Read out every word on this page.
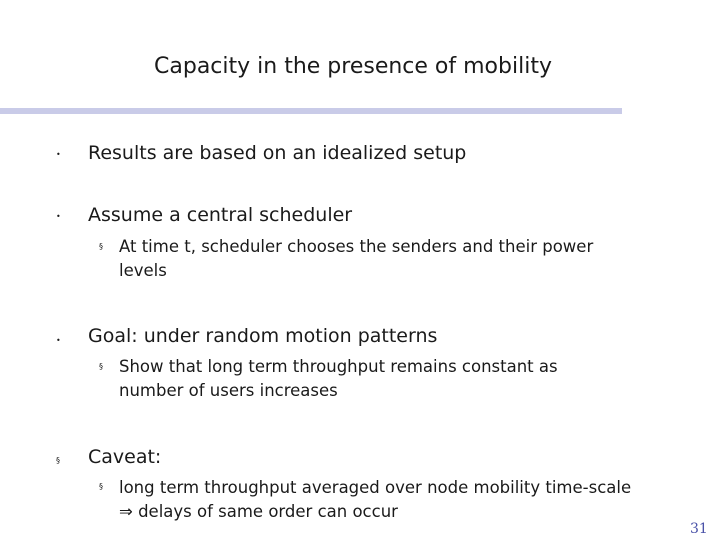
Capacity in the presence of mobility
• Results are based on an idealized setup
• Assume a central scheduler
§ At time t, scheduler chooses the senders and their power
levels
• Goal: under random motion patterns
§ Show that long term throughput remains constant as
number of users increases
§ Caveat:
§ long term throughput averaged over node mobility time-scale
⇒ delays of same order can occur
31
